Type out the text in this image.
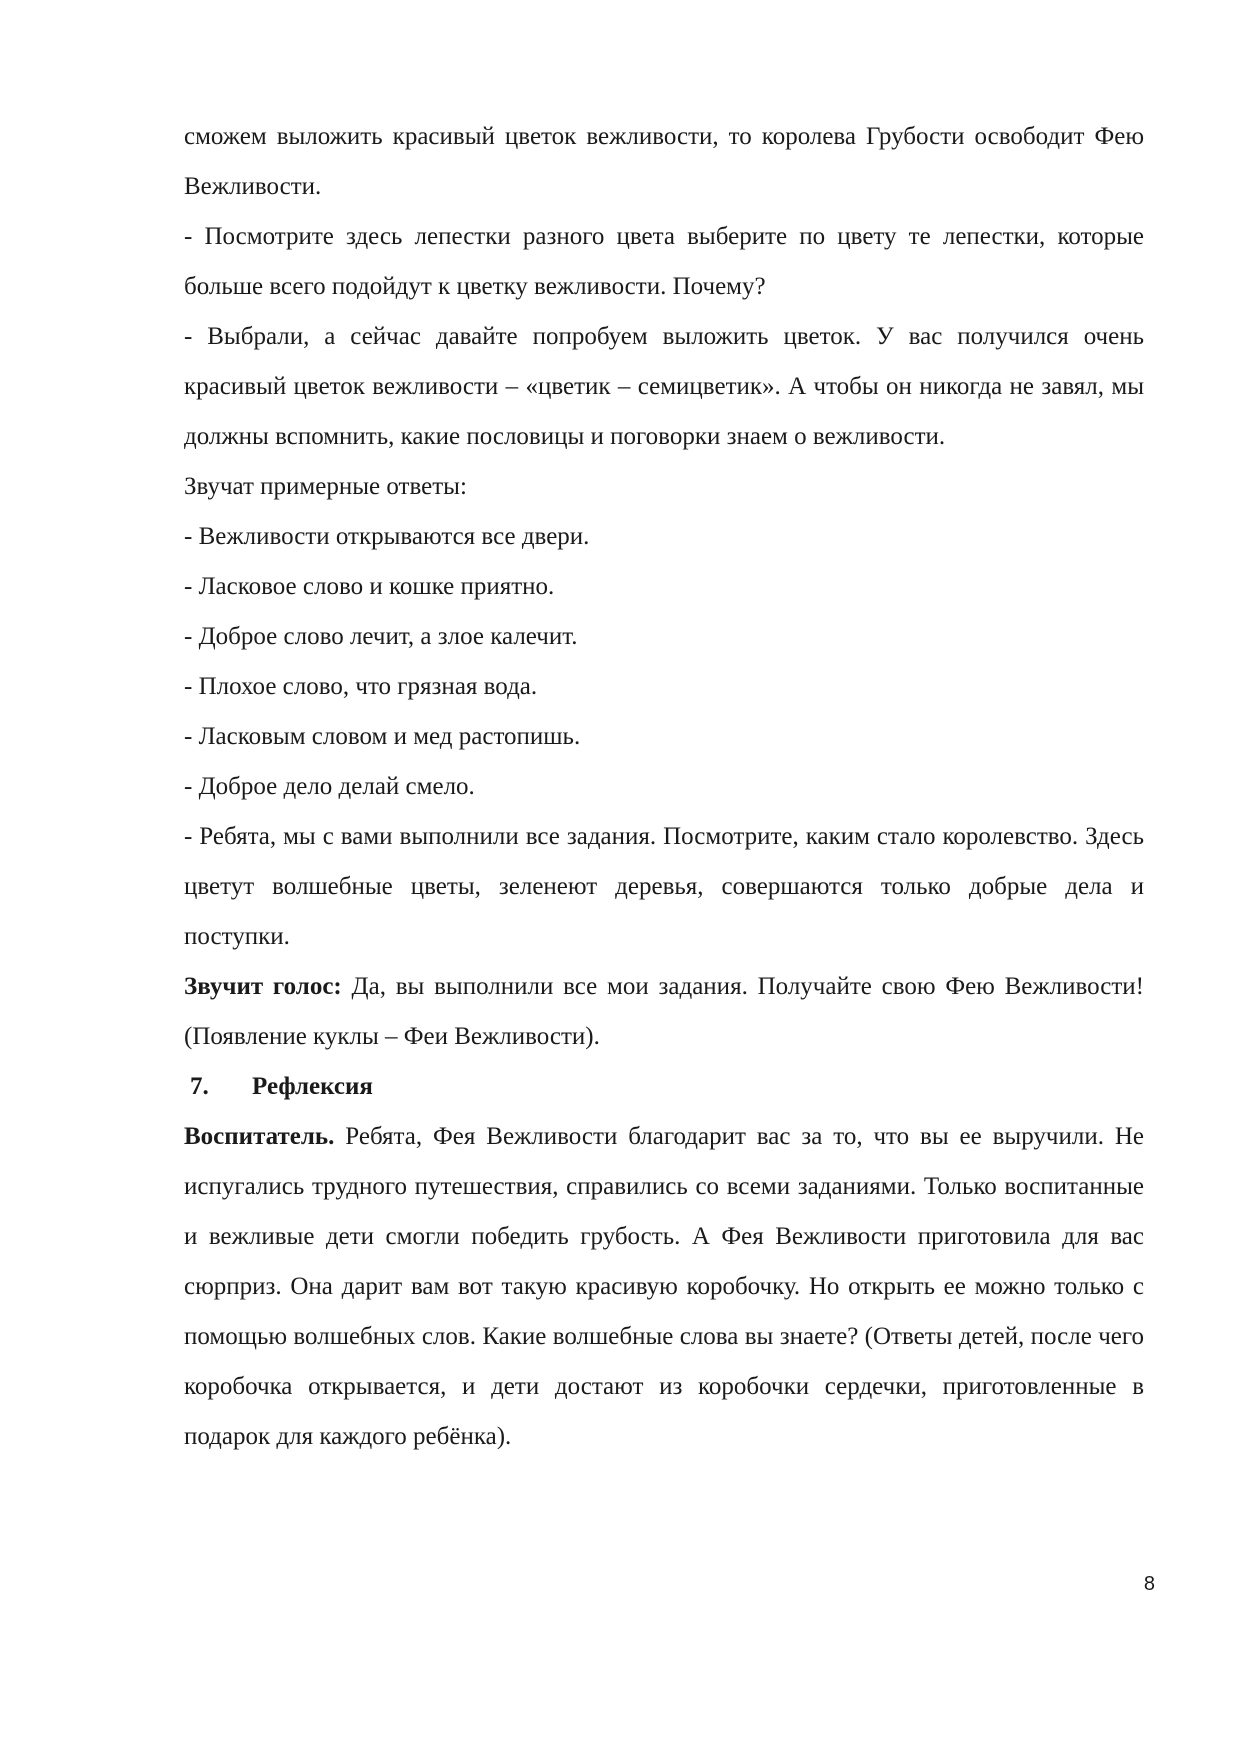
сможем выложить красивый цветок вежливости, то королева Грубости освободит Фею Вежливости.

- Посмотрите здесь лепестки разного цвета выберите по цвету те лепестки, которые больше всего подойдут к цветку вежливости. Почему?

- Выбрали, а сейчас давайте попробуем выложить цветок. У вас получился очень красивый цветок вежливости – «цветик – семицветик». А чтобы он никогда не завял, мы должны вспомнить, какие пословицы и поговорки знаем о вежливости.

Звучат примерные ответы:

- Вежливости открываются все двери.

- Ласковое слово и кошке приятно.

- Доброе слово лечит, а злое калечит.

- Плохое слово, что грязная вода.

- Ласковым словом и мед растопишь.

- Доброе дело делай смело.

- Ребята, мы с вами выполнили все задания. Посмотрите, каким стало королевство. Здесь цветут волшебные цветы, зеленеют деревья, совершаются только добрые дела и поступки.

Звучит голос: Да, вы выполнили все мои задания. Получайте свою Фею Вежливости! (Появление куклы – Феи Вежливости).

7. Рефлексия

Воспитатель. Ребята, Фея Вежливости благодарит вас за то, что вы ее выручили. Не испугались трудного путешествия, справились со всеми заданиями. Только воспитанные и вежливые дети смогли победить грубость. А Фея Вежливости приготовила для вас сюрприз. Она дарит вам вот такую красивую коробочку. Но открыть ее можно только с помощью волшебных слов. Какие волшебные слова вы знаете? (Ответы детей, после чего коробочка открывается, и дети достают из коробочки сердечки, приготовленные в подарок для каждого ребёнка).

8
